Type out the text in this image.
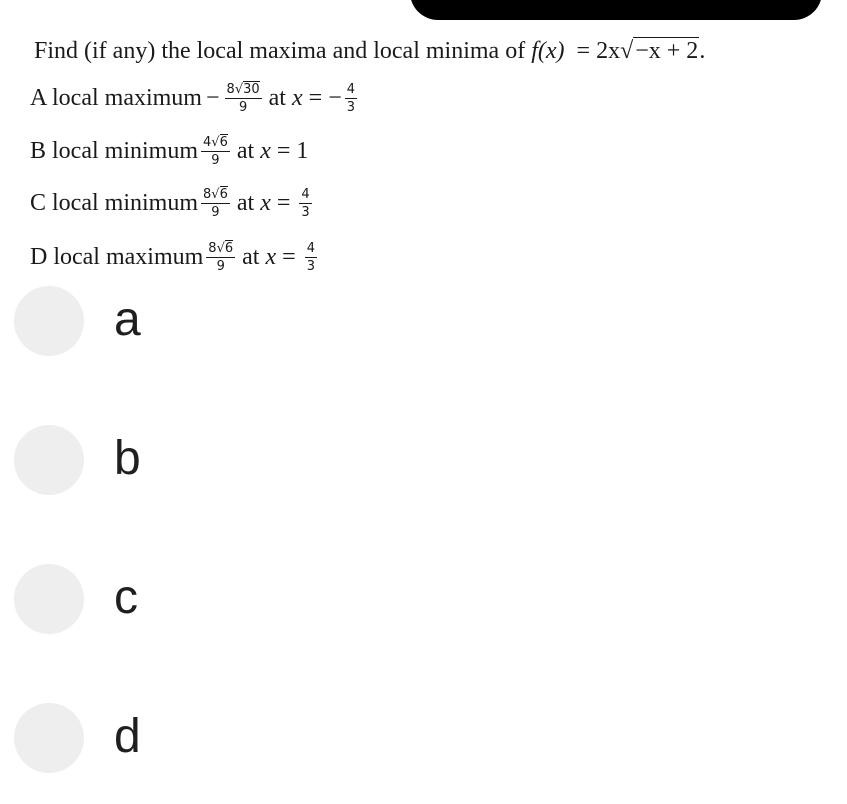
Find (if any) the local maxima and local minima of f(x) = 2x√−x + 2.
A local maximum − $\frac{8√30}{9}$ at x = − $\frac{4}{3}$
B local minimum $\frac{4√6}{9}$ at x = 1
C local minimum $\frac{8√6}{9}$ at $x = \frac{4}{3}$
D local maximum $\frac{8√6}{9}$ at $x = \frac{4}{3}$
a
b
c
d
